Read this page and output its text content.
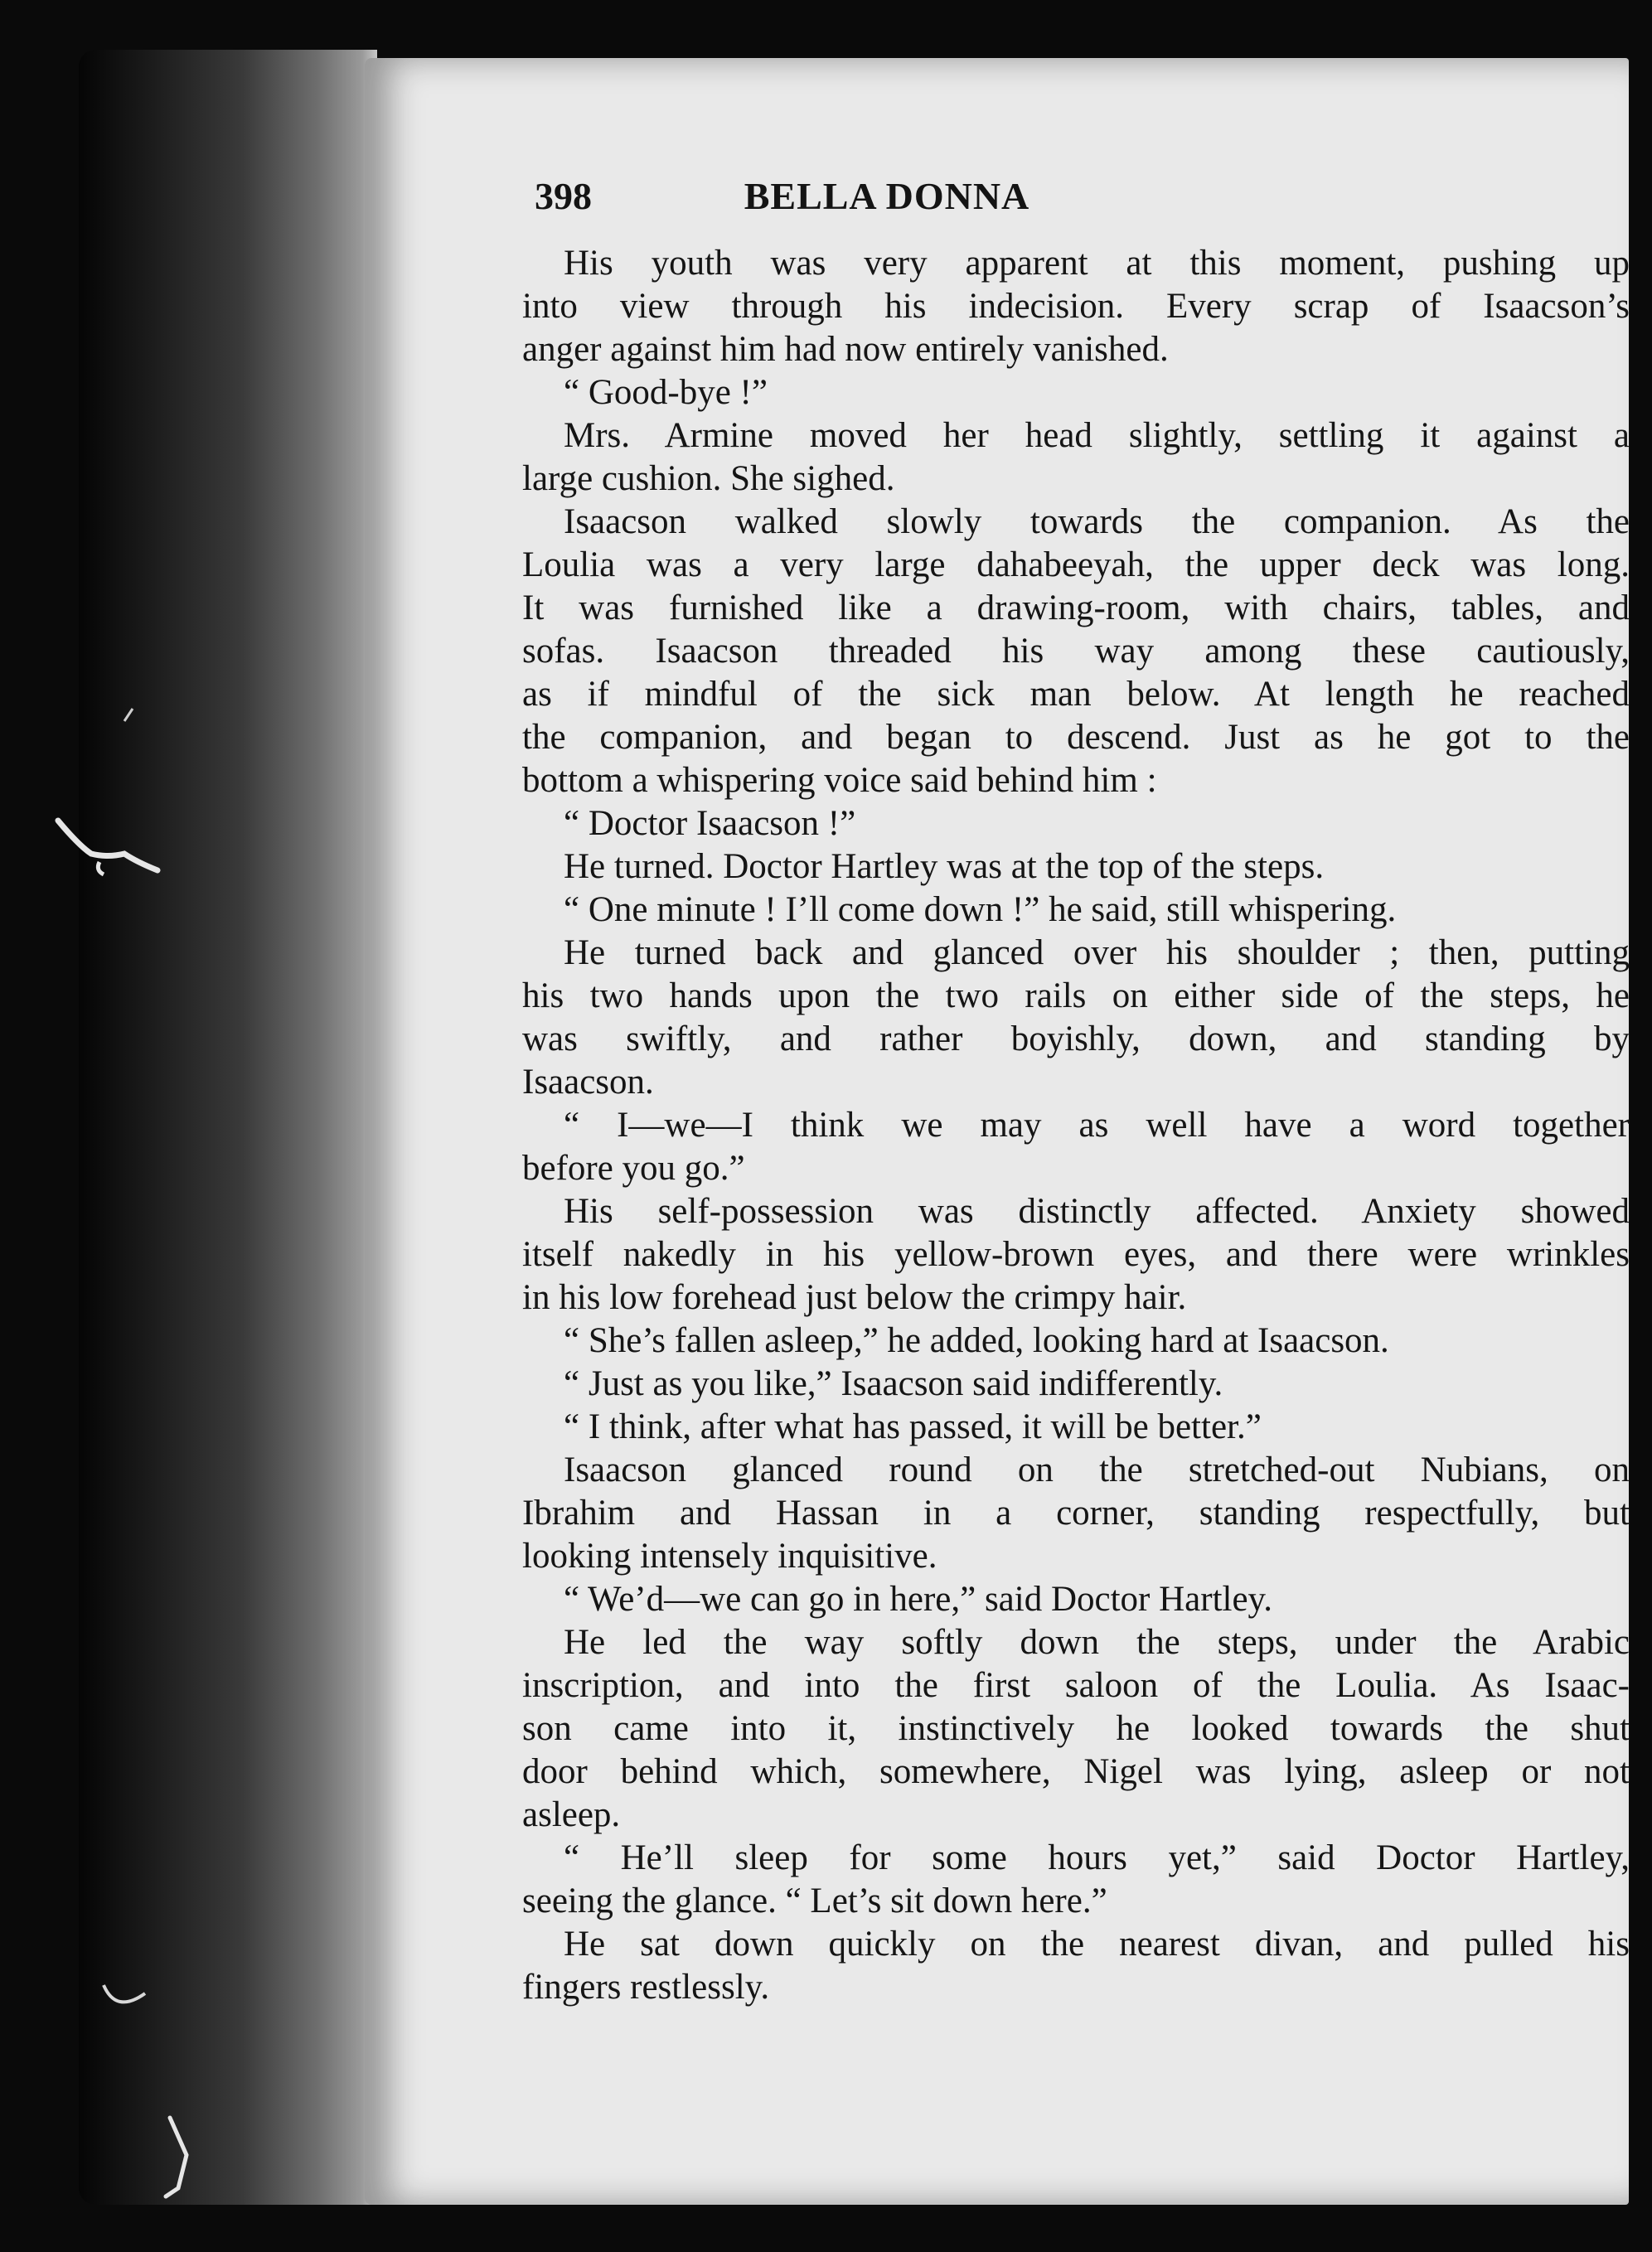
398	BELLA DONNA
His youth was very apparent at this moment, pushing up
into view through his indecision. Every scrap of Isaacson’s
anger against him had now entirely vanished.
“ Good-bye !”
Mrs. Armine moved her head slightly, settling it against a
large cushion. She sighed.
Isaacson walked slowly towards the companion. As the
Loulia was a very large dahabeeyah, the upper deck was long.
It was furnished like a drawing-room, with chairs, tables, and
sofas. Isaacson threaded his way among these cautiously,
as if mindful of the sick man below. At length he reached
the companion, and began to descend. Just as he got to the
bottom a whispering voice said behind him :
“ Doctor Isaacson !”
He turned. Doctor Hartley was at the top of the steps.
“ One minute ! I’ll come down !” he said, still whispering.
He turned back and glanced over his shoulder ; then, putting
his two hands upon the two rails on either side of the steps, he
was swiftly, and rather boyishly, down, and standing by
Isaacson.
“ I—we—I think we may as well have a word together
before you go.”
His self-possession was distinctly affected. Anxiety showed
itself nakedly in his yellow-brown eyes, and there were wrinkles
in his low forehead just below the crimpy hair.
“ She’s fallen asleep,” he added, looking hard at Isaacson.
“ Just as you like,” Isaacson said indifferently.
“ I think, after what has passed, it will be better.”
Isaacson glanced round on the stretched-out Nubians, on
Ibrahim and Hassan in a corner, standing respectfully, but
looking intensely inquisitive.
“ We’d—we can go in here,” said Doctor Hartley.
He led the way softly down the steps, under the Arabic
inscription, and into the first saloon of the Loulia. As Isaac-
son came into it, instinctively he looked towards the shut
door behind which, somewhere, Nigel was lying, asleep or not
asleep.
“ He’ll sleep for some hours yet,” said Doctor Hartley,
seeing the glance. “ Let’s sit down here.”
He sat down quickly on the nearest divan, and pulled his
fingers restlessly.
